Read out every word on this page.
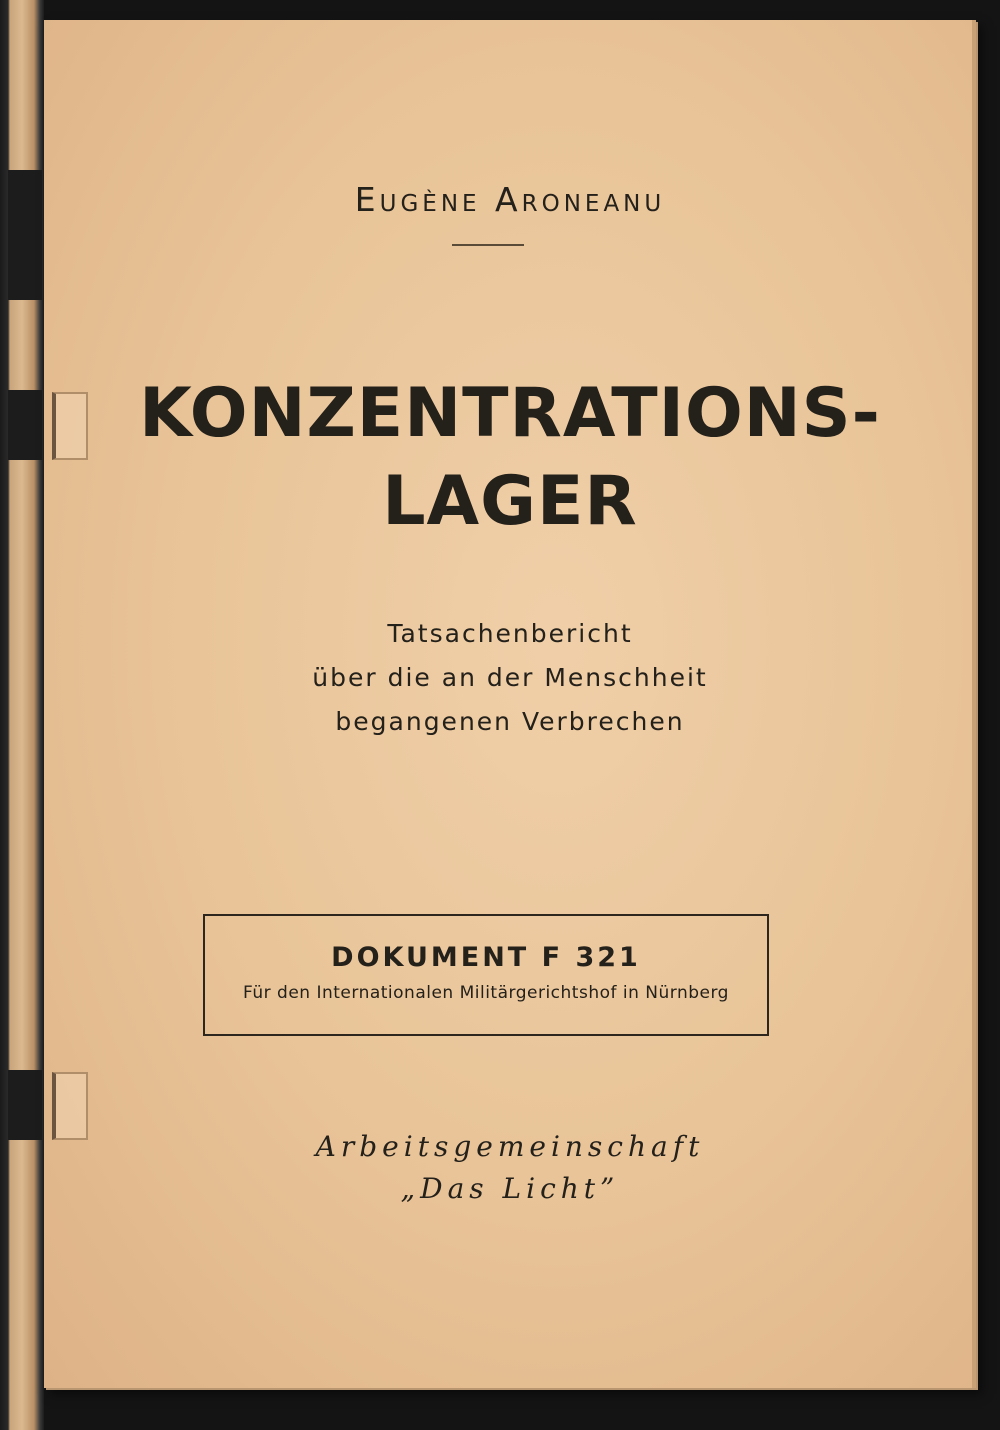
Eugène Aroneanu
KONZENTRATIONS-
LAGER
Tatsachenbericht
über die an der Menschheit
begangenen Verbrechen
DOKUMENT F 321
Für den Internationalen Militärgerichtshof in Nürnberg
Arbeitsgemeinschaft
„Das Licht”
